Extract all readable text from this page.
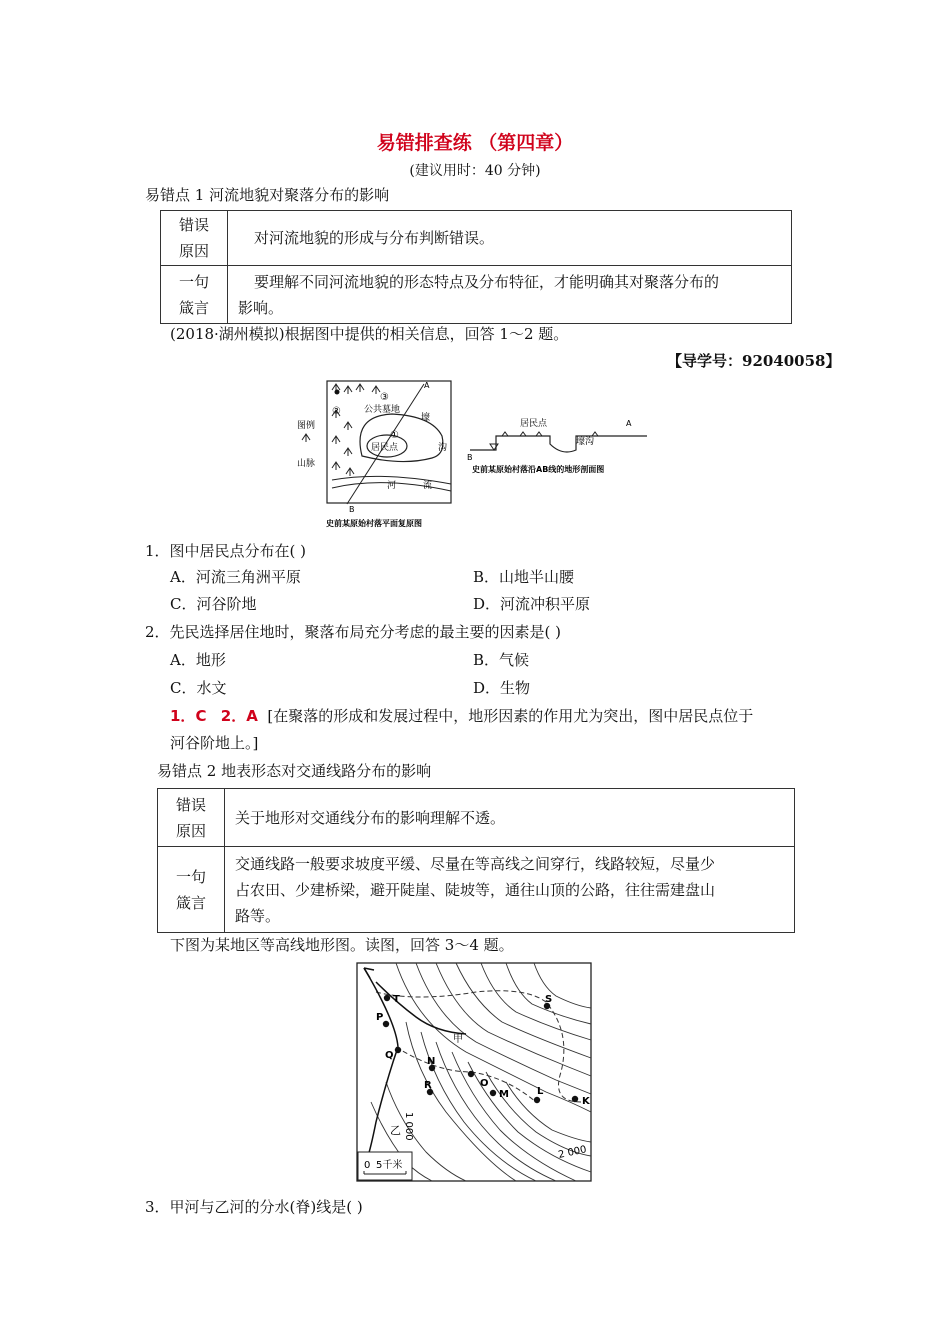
易错排查练 （第四章）
(建议用时：40 分钟)
易错点 1 河流地貌对聚落分布的影响
错误
原因	对河流地貌的形成与分布判断错误。
一句
箴言	要理解不同河流地貌的形态特点及分布特征，才能明确其对聚落分布的
影响。
(2018·湖州模拟)根据图中提供的相关信息，回答 1～2 题。
【导学号：92040058】
A
B
②
③
①
公共墓地
居民点
壕
沟
河	流
图例
山脉
史前某原始村落平面复原图
居民点
壕沟
A
B
史前某原始村落沿AB线的地形剖面图
1．图中居民点分布在( )
A．河流三角洲平原	B．山地半山腰
C．河谷阶地	D．河流冲积平原
2．先民选择居住地时，聚落布局充分考虑的最主要的因素是( )
A．地形	B．气候
C．水文	D．生物
1．C 2．A [在聚落的形成和发展过程中，地形因素的作用尤为突出，图中居民点位于
河谷阶地上。]
易错点 2 地表形态对交通线路分布的影响
错误
原因	关于地形对交通线分布的影响理解不透。
一句
箴言	交通线路一般要求坡度平缓、尽量在等高线之间穿行，线路较短，尽量少
占农田、少建桥梁，避开陡崖、陡坡等，通往山顶的公路，往往需建盘山
路等。
下图为某地区等高线地形图。读图，回答 3～4 题。
T
P
Q
N
R	O
M	L
K
S
甲
乙 1 000
2 000
0 5千米
3．甲河与乙河的分水(脊)线是( )
